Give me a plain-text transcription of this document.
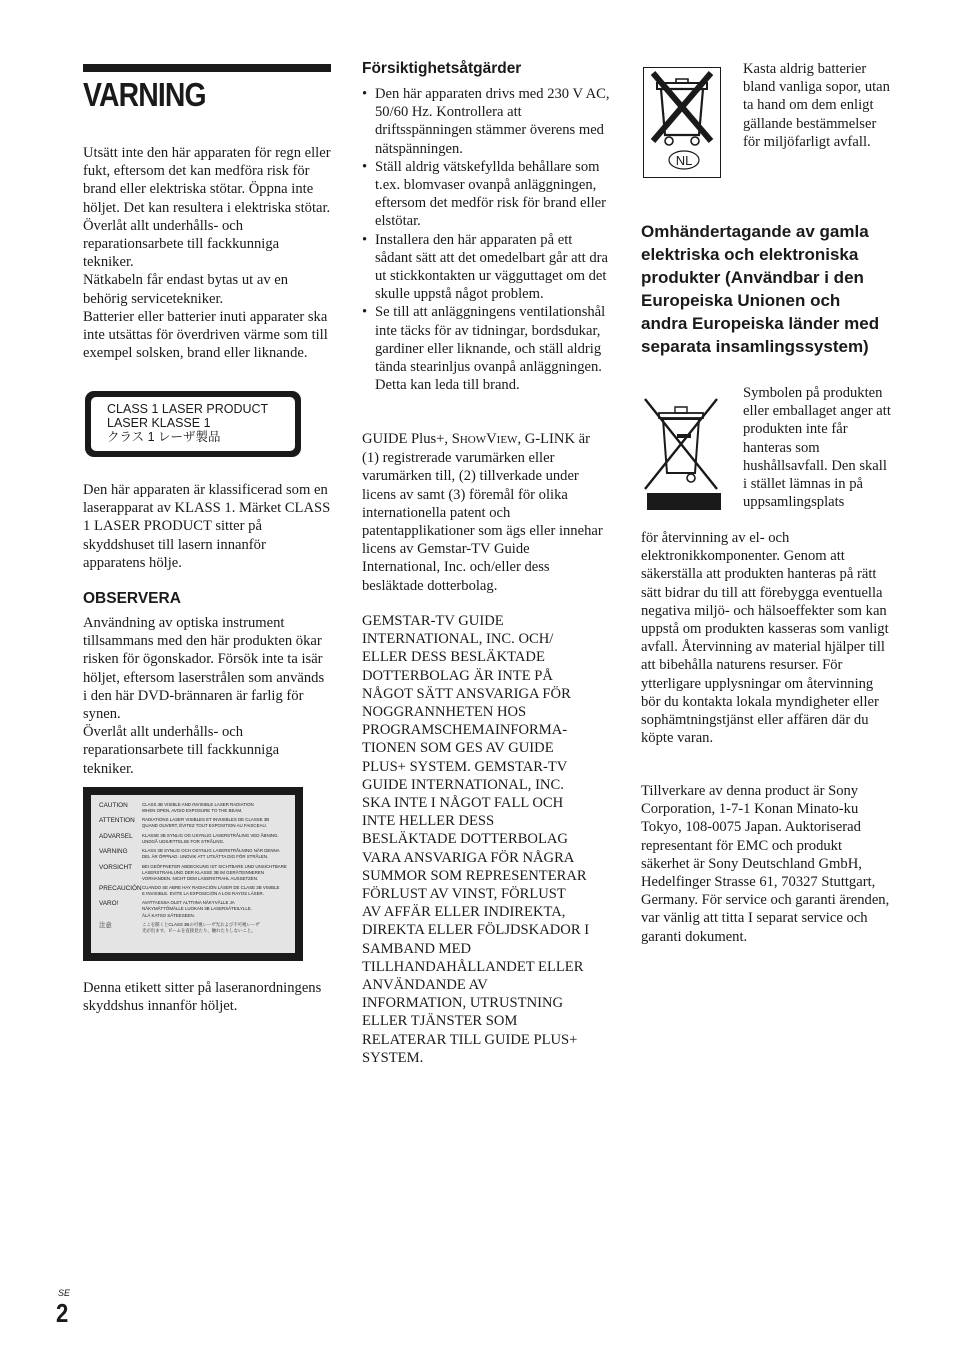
VARNING

Utsätt inte den här apparaten för regn eller fukt, eftersom det kan medföra risk för brand eller elektriska stötar. Öppna inte höljet. Det kan resultera i elektriska stötar. Överlåt allt underhålls- och reparationsarbete till fackkunniga tekniker.

Nätkabeln får endast bytas ut av en behörig servicetekniker.

Batterier eller batterier inuti apparater ska inte utsättas för överdriven värme som till exempel solsken, brand eller liknande.

CLASS 1 LASER PRODUCT
LASER KLASSE 1
クラス 1 レーザ製品

Den här apparaten är klassificerad som en laserapparat av KLASS 1. Märket CLASS 1 LASER PRODUCT sitter på skyddshuset till lasern innanför apparatens hölje.

OBSERVERA

Användning av optiska instrument tillsammans med den här produkten ökar risken för ögonskador. Försök inte ta isär höljet, eftersom laserstrålen som används i den här DVD-brännaren är farlig för synen.

Överlåt allt underhålls- och reparationsarbete till fackkunniga tekniker.

CAUTION	CLASS 3B VISIBLE AND INVISIBLE LASER RADIATION
WHEN OPEN, AVOID EXPOSURE TO THE BEAM.
ATTENTION	RADIATIONS LASER VISIBLES ET INVISIBLES DE CLASSE 3B
QUAND OUVERT, ÉVITEZ TOUT EXPOSITION AU FAISCEAU.
ADVARSEL	KLASSE 3B SYNLIG OG USYNLIG LASERSTRÅLING VED ÅBNING.
UNDGÅ UDSÆTTELSE FOR STRÅLING.
VARNING	KLASS 3B SYNLIG OCH OSYNLIG LASERSTRÅLNING NÄR DENNA
DEL ÄR ÖPPNAD. UNDVIK ATT UTSÄTTA DIG FÖR STRÅLEN.
VORSICHT	BEI GEÖFFNETER ABDECKUNG IST SICHTBARE UND UNSICHTBARE
LASERSTRAHLUNG DER KLASSE 3B IM GERÄTEINNEREN
VORHANDEN. NICHT DEM LASERSTRAHL AUSSETZEN.
PRECAUCIÓN CUANDO SE ABRE HAY RADIACIÓN LÁSER DE CLASE 3B VISIBLE
E INVISIBLE. EVITE LA EXPOSICIÓN A LOS RAYOS LÁSER.
VARO!	AVATTAESSA OLET ALTTIINA NÄKYVÄLLE JA
NÄKYMÄTTÖMÄLLE LUOKAN 3B LASERSÄTEILYLLE.
ÄLÄ KATSO SÄTEESEEN.
注意	ここを開くとCLASS 3Bの可視レーザ光および不可視レーザ
光が出ます。ビームを直接見たり、触れたりしないこと。

Denna etikett sitter på laseranordningens skyddshus innanför höljet.

Försiktighetsåtgärder
• Den här apparaten drivs med 230 V AC, 50/60 Hz. Kontrollera att driftsspänningen stämmer överens med nätspänningen.
• Ställ aldrig vätskefyllda behållare som t.ex. blomvaser ovanpå anläggningen, eftersom det medför risk för brand eller elstötar.
• Installera den här apparaten på ett sådant sätt att det omedelbart går att dra ut stickkontakten ur vägguttaget om det skulle uppstå något problem.
• Se till att anläggningens ventilationshål inte täcks för av tidningar, bordsdukar, gardiner eller liknande, och ställ aldrig tända stearinljus ovanpå anläggningen. Detta kan leda till brand.

GUIDE Plus+, SHOWVIEW, G-LINK är (1) registrerade varumärken eller varumärken till, (2) tillverkade under licens av samt (3) föremål för olika internationella patent och patentapplikationer som ägs eller innehar licens av Gemstar-TV Guide International, Inc. och/eller dess besläktade dotterbolag.

GEMSTAR-TV GUIDE
INTERNATIONAL, INC. OCH/
ELLER DESS BESLÄKTADE
DOTTERBOLAG ÄR INTE PÅ
NÅGOT SÄTT ANSVARIGA FÖR
NOGGRANNHETEN HOS
PROGRAMSCHEMAINFORMA-
TIONEN SOM GES AV GUIDE
PLUS+ SYSTEM. GEMSTAR-TV
GUIDE INTERNATIONAL, INC.
SKA INTE I NÅGOT FALL OCH
INTE HELLER DESS
BESLÄKTADE DOTTERBOLAG
VARA ANSVARIGA FÖR NÅGRA
SUMMOR SOM REPRESENTERAR
FÖRLUST AV VINST, FÖRLUST
AV AFFÄR ELLER INDIREKTA,
DIREKTA ELLER FÖLJDSKADOR I
SAMBAND MED
TILLHANDAHÅLLANDET ELLER
ANVÄNDANDE AV
INFORMATION, UTRUSTNING
ELLER TJÄNSTER SOM
RELATERAR TILL GUIDE PLUS+
SYSTEM.

NL

Kasta aldrig batterier bland vanliga sopor, utan ta hand om dem enligt gällande bestämmelser för miljöfarligt avfall.

Omhändertagande av gamla elektriska och elektroniska produkter (Användbar i den Europeiska Unionen och andra Europeiska länder med separata insamlingssystem)

Symbolen på produkten eller emballaget anger att produkten inte får hanteras som hushållsavfall. Den skall i stället lämnas in på uppsamlingsplats

för återvinning av el- och elektronikkomponenter. Genom att säkerställa att produkten hanteras på rätt sätt bidrar du till att förebygga eventuella negativa miljö- och hälsoeffekter som kan uppstå om produkten kasseras som vanligt avfall. Återvinning av material hjälper till att bibehålla naturens resurser. För ytterligare upplysningar om återvinning bör du kontakta lokala myndigheter eller sophämtningstjänst eller affären där du köpte varan.

Tillverkare av denna product är Sony Corporation, 1-7-1 Konan Minato-ku Tokyo, 108-0075 Japan. Auktoriserad representant för EMC och produkt säkerhet är Sony Deutschland GmbH, Hedelfinger Strasse 61, 70327 Stuttgart, Germany. För service och garanti ärenden, var vänlig att titta I separat service och garanti dokument.

SE
2
